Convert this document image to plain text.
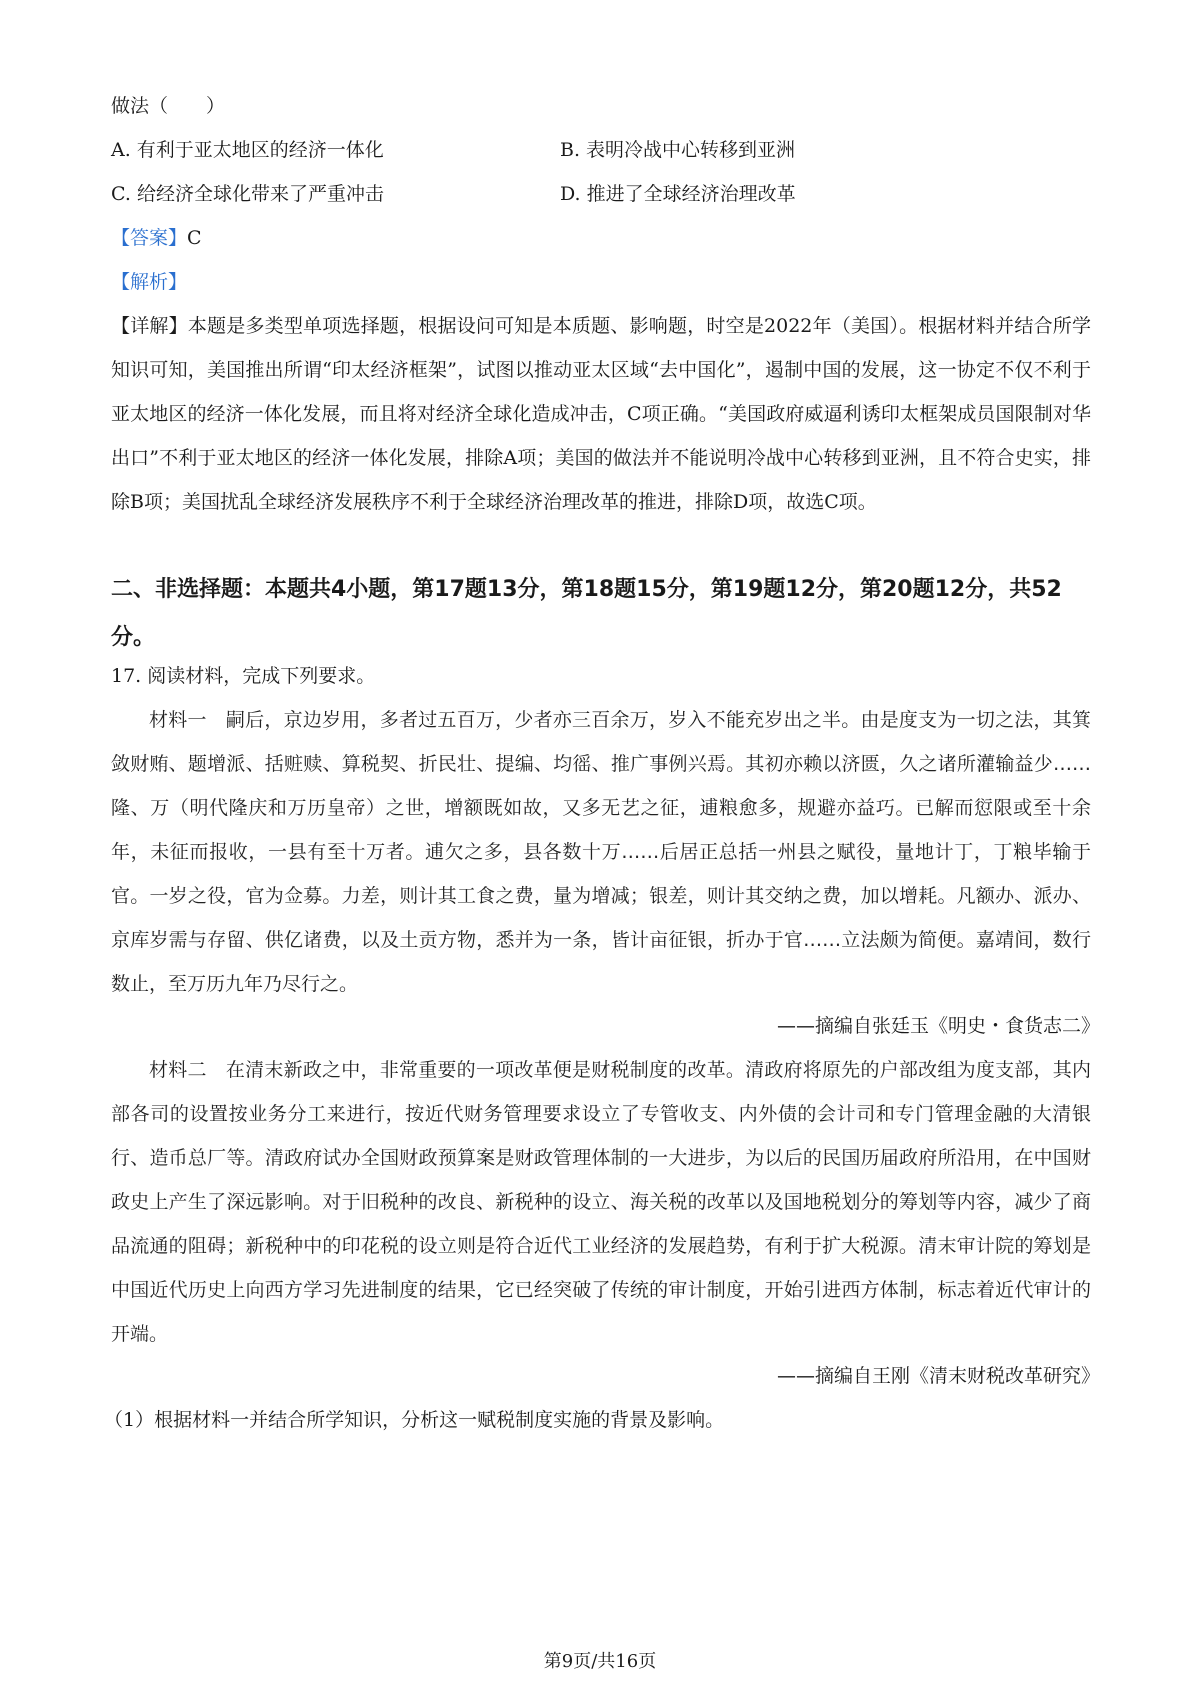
做法（　　）
A. 有利于亚太地区的经济一体化	B. 表明冷战中心转移到亚洲
C. 给经济全球化带来了严重冲击	D. 推进了全球经济治理改革
【答案】C
【解析】
【详解】本题是多类型单项选择题，根据设问可知是本质题、影响题，时空是2022年（美国）。根据材料并结合所学知识可知，美国推出所谓“印太经济框架”，试图以推动亚太区域“去中国化”，遏制中国的发展，这一协定不仅不利于亚太地区的经济一体化发展，而且将对经济全球化造成冲击，C项正确。“美国政府威逼利诱印太框架成员国限制对华出口”不利于亚太地区的经济一体化发展，排除A项；美国的做法并不能说明冷战中心转移到亚洲，且不符合史实，排除B项；美国扰乱全球经济发展秩序不利于全球经济治理改革的推进，排除D项，故选C项。
二、非选择题：本题共4小题，第17题13分，第18题15分，第19题12分，第20题12分，共52分。
17. 阅读材料，完成下列要求。
材料一　嗣后，京边岁用，多者过五百万，少者亦三百余万，岁入不能充岁出之半。由是度支为一切之法，其箕敛财贿、题增派、括赃赎、算税契、折民壮、提编、均徭、推广事例兴焉。其初亦赖以济匮，久之诸所灌输益少……隆、万（明代隆庆和万历皇帝）之世，增额既如故，又多无艺之征，逋粮愈多，规避亦益巧。已解而愆限或至十余年，未征而报收，一县有至十万者。逋欠之多，县各数十万……后居正总括一州县之赋役，量地计丁，丁粮毕输于官。一岁之役，官为佥募。力差，则计其工食之费，量为增减；银差，则计其交纳之费，加以增耗。凡额办、派办、京库岁需与存留、供亿诸费，以及土贡方物，悉并为一条，皆计亩征银，折办于官……立法颇为简便。嘉靖间，数行数止，至万历九年乃尽行之。
——摘编自张廷玉《明史・食货志二》
材料二　在清末新政之中，非常重要的一项改革便是财税制度的改革。清政府将原先的户部改组为度支部，其内部各司的设置按业务分工来进行，按近代财务管理要求设立了专管收支、内外债的会计司和专门管理金融的大清银行、造币总厂等。清政府试办全国财政预算案是财政管理体制的一大进步，为以后的民国历届政府所沿用，在中国财政史上产生了深远影响。对于旧税种的改良、新税种的设立、海关税的改革以及国地税划分的筹划等内容，减少了商品流通的阻碍；新税种中的印花税的设立则是符合近代工业经济的发展趋势，有利于扩大税源。清末审计院的筹划是中国近代历史上向西方学习先进制度的结果，它已经突破了传统的审计制度，开始引进西方体制，标志着近代审计的开端。
——摘编自王刚《清末财税改革研究》
（1）根据材料一并结合所学知识，分析这一赋税制度实施的背景及影响。
第9页/共16页
